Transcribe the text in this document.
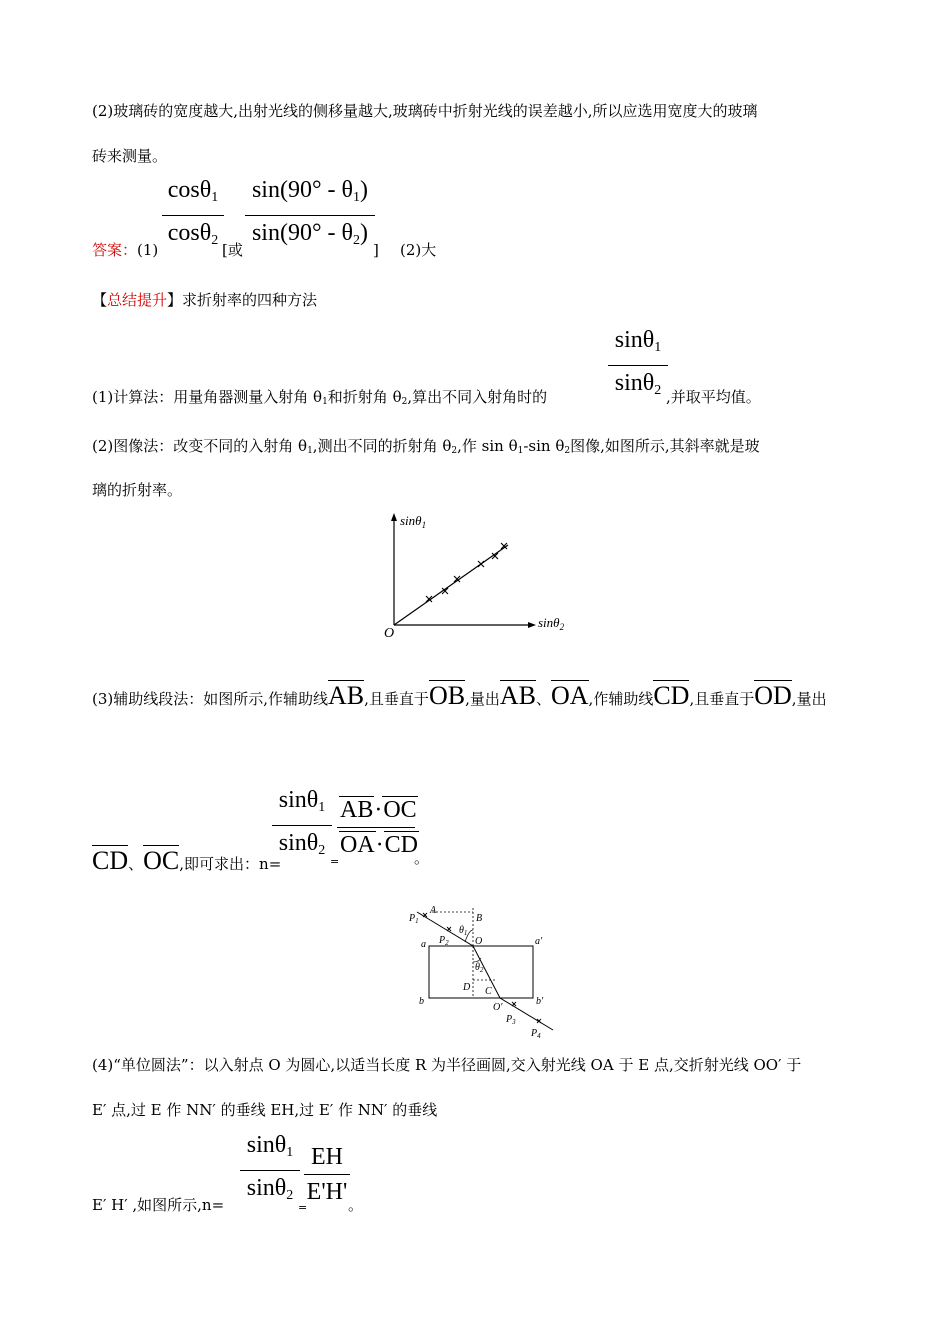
(2)玻璃砖的宽度越大,出射光线的侧移量越大,玻璃砖中折射光线的误差越小,所以应选用宽度大的玻璃
砖来测量。
答案：(1)
cosθ$_1$
cosθ$_2$
[或
$\sin(90^\circ - \theta_1)$
$\sin(90^\circ - \theta_2)$
] (2)大
【总结提升】求折射率的四种方法
(1)计算法：用量角器测量入射角 θ1和折射角 θ2,算出不同入射角时的
sinθ$_1$
sinθ$_2$ ,并取平均值。
(2)图像法：改变不同的入射角 θ1,测出不同的折射角 θ2,作 sin θ1-sin θ2图像,如图所示,其斜率就是玻
璃的折射率。
sinθ$_1$
sinθ$_2$
O
(3)辅助线段法：如图所示,作辅助线AB,且垂直于OB,量出AB、OA,作辅助线CD,且垂直于OD,量出
CD、OC,即可求出：n=
sinθ$_1$
sinθ$_2$
=
AB·OC
OA·CD
。
$P_1$
A
B
$\theta_1$
O
a	a′
$P_2$
$\theta_2$
D C
b	b′
O′
$P_3$
$P_4$
(4)“单位圆法”：以入射点 O 为圆心,以适当长度 R 为半径画圆,交入射光线 OA 于 E 点,交折射光线 OO′ 于
E′ 点,过 E 作 NN′ 的垂线 EH,过 E′ 作 NN′ 的垂线
E′ H′ ,如图所示,n=
sinθ$_1$
sinθ$_2$
=
EH
E'H' 。
